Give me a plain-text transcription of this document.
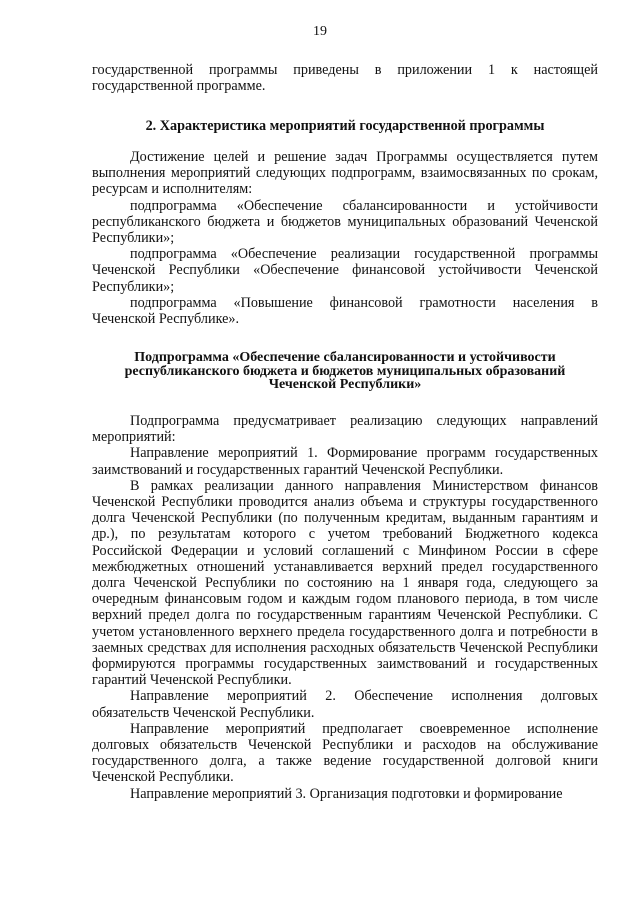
19

государственной программы приведены в приложении 1 к настоящей государственной программе.

2. Характеристика мероприятий государственной программы

Достижение целей и решение задач Программы осуществляется путем выполнения мероприятий следующих подпрограмм, взаимосвязанных по срокам, ресурсам и исполнителям:

подпрограмма «Обеспечение сбалансированности и устойчивости республиканского бюджета и бюджетов муниципальных образований Чеченской Республики»;

подпрограмма «Обеспечение реализации государственной программы Чеченской Республики «Обеспечение финансовой устойчивости Чеченской Республики»;

подпрограмма «Повышение финансовой грамотности населения в Чеченской Республике».

Подпрограмма «Обеспечение сбалансированности и устойчивости республиканского бюджета и бюджетов муниципальных образований Чеченской Республики»

Подпрограмма предусматривает реализацию следующих направлений мероприятий:

Направление мероприятий 1. Формирование программ государственных заимствований и государственных гарантий Чеченской Республики.

В рамках реализации данного направления Министерством финансов Чеченской Республики проводится анализ объема и структуры государственного долга Чеченской Республики (по полученным кредитам, выданным гарантиям и др.), по результатам которого с учетом требований Бюджетного кодекса Российской Федерации и условий соглашений с Минфином России в сфере межбюджетных отношений устанавливается верхний предел государственного долга Чеченской Республики по состоянию на 1 января года, следующего за очередным финансовым годом и каждым годом планового периода, в том числе верхний предел долга по государственным гарантиям Чеченской Республики. С учетом установленного верхнего предела государственного долга и потребности в заемных средствах для исполнения расходных обязательств Чеченской Республики формируются программы государственных заимствований и государственных гарантий Чеченской Республики.

Направление мероприятий 2. Обеспечение исполнения долговых обязательств Чеченской Республики.

Направление мероприятий предполагает своевременное исполнение долговых обязательств Чеченской Республики и расходов на обслуживание государственного долга, а также ведение государственной долговой книги Чеченской Республики.

Направление мероприятий 3. Организация подготовки и формирование
